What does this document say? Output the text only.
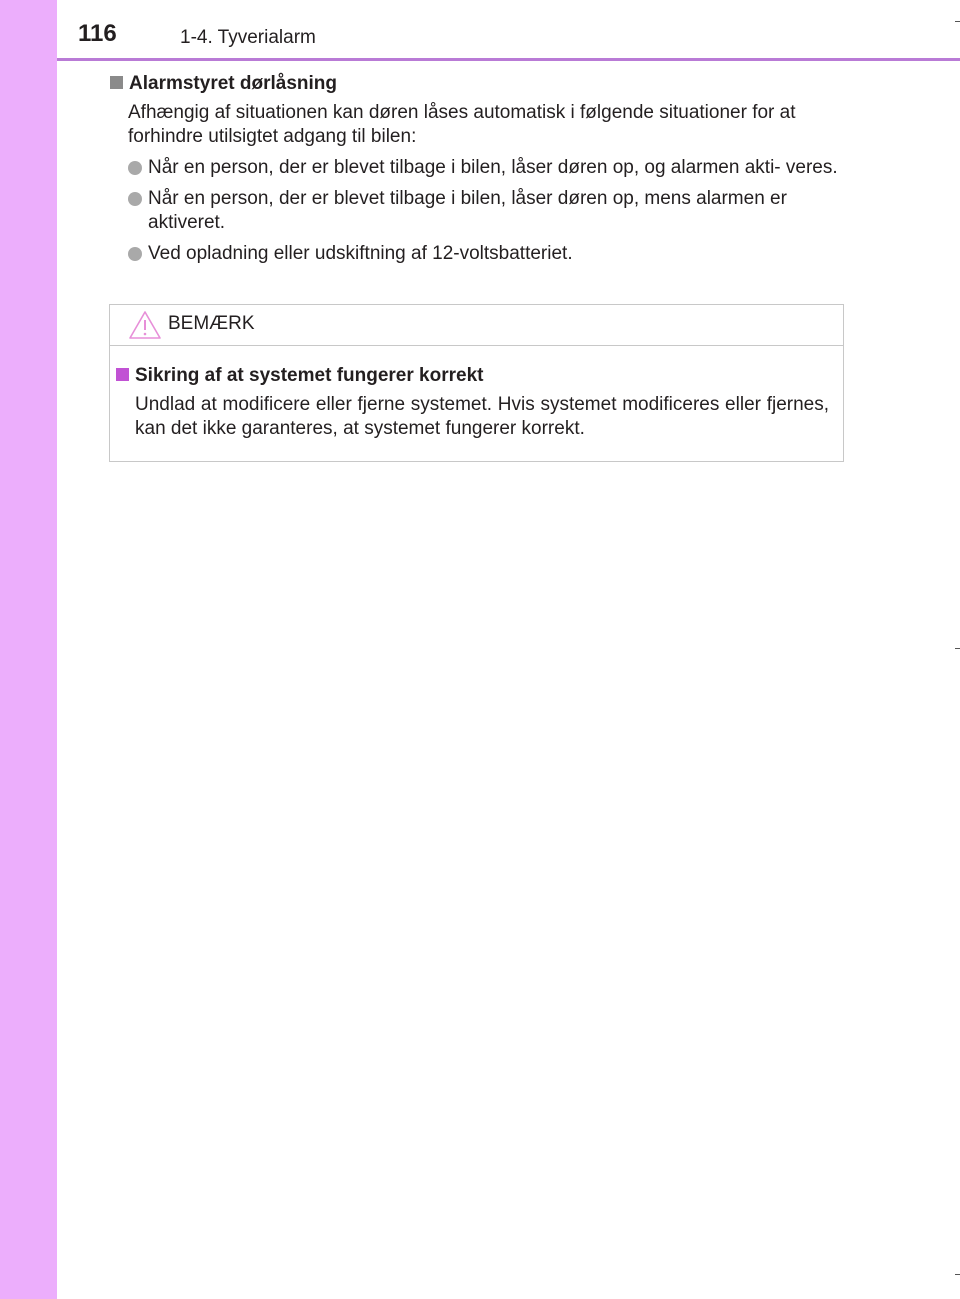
116	1-4. Tyverialarm
Alarmstyret dørlåsning
Afhængig af situationen kan døren låses automatisk i følgende situationer for at forhindre utilsigtet adgang til bilen:
Når en person, der er blevet tilbage i bilen, låser døren op, og alarmen akti- veres.
Når en person, der er blevet tilbage i bilen, låser døren op, mens alarmen er aktiveret.
Ved opladning eller udskiftning af 12-voltsbatteriet.
BEMÆRK
Sikring af at systemet fungerer korrekt
Undlad at modificere eller fjerne systemet. Hvis systemet modificeres eller fjernes, kan det ikke garanteres, at systemet fungerer korrekt.
